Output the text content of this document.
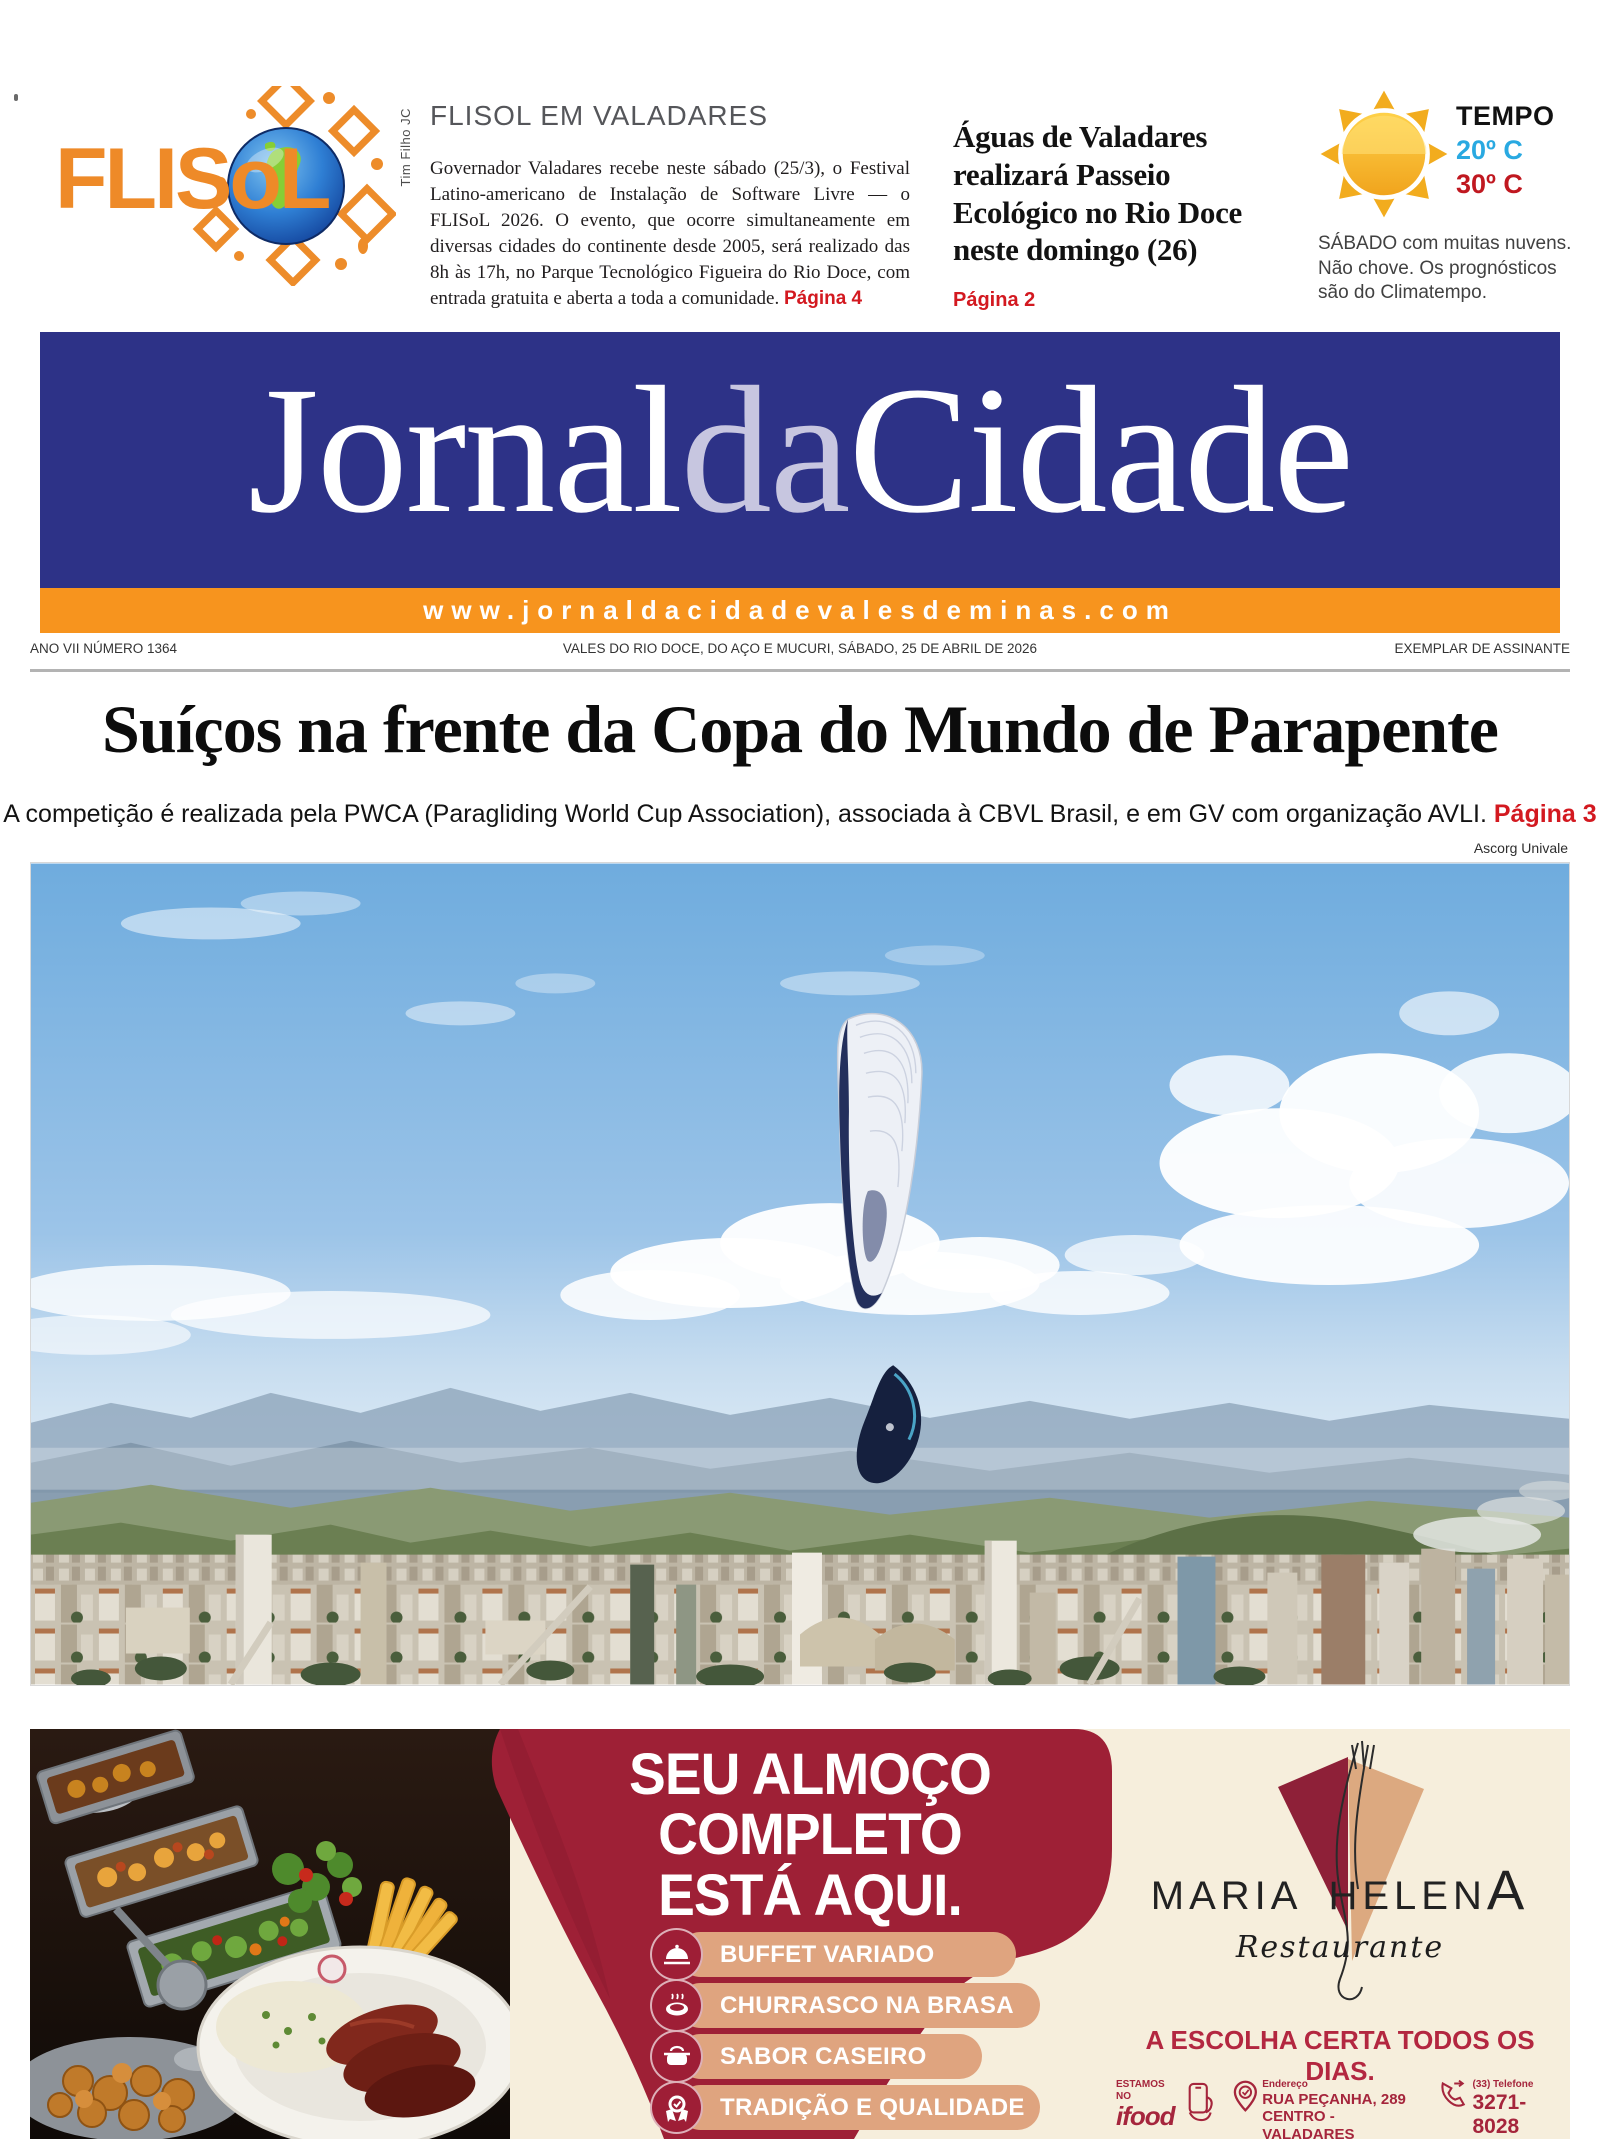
FLISoL	Tim Filho JC FLISOL EM VALADARES

Governador Valadares recebe neste sábado (25/3), o Festival Latino-americano de Instalação de Software Livre — o FLISoL 2026. O evento, que ocorre simultaneamente em diversas cidades do continente desde 2005, será realizado das 8h às 17h, no Parque Tecnológico Figueira do Rio Doce, com entrada gratuita e aberta a toda a comunidade. Página 4

Águas de Valadares realizará Passeio Ecológico no Rio Doce neste domingo (26)
Página 2
TEMPO
20º C
30º C
SÁBADO com muitas nuvens. Não chove. Os prognósticos são do Climatempo.
JornaldaCidade
www.jornaldacidadevalesdeminas.com
ANO VII NÚMERO 1364	VALES DO RIO DOCE, DO AÇO E MUCURI, SÁBADO, 25 DE ABRIL DE 2026	EXEMPLAR DE ASSINANTE
Suíços na frente da Copa do Mundo de Parapente
A competição é realizada pela PWCA (Paragliding World Cup Association), associada à CBVL Brasil, e em GV com organização AVLI. Página 3
Ascorg Univale
SEU ALMOÇO
COMPLETO
ESTÁ AQUI.
BUFFET VARIADO
CHURRASCO NA BRASA
SABOR CASEIRO
TRADIÇÃO E QUALIDADE
MARIA HELEN A
Restaurante
A ESCOLHA CERTA TODOS OS DIAS.
ESTAMOS NO
ifood
Endereço
RUA PEÇANHA, 289
CENTRO - VALADARES
(33) Telefone
3271-8028
